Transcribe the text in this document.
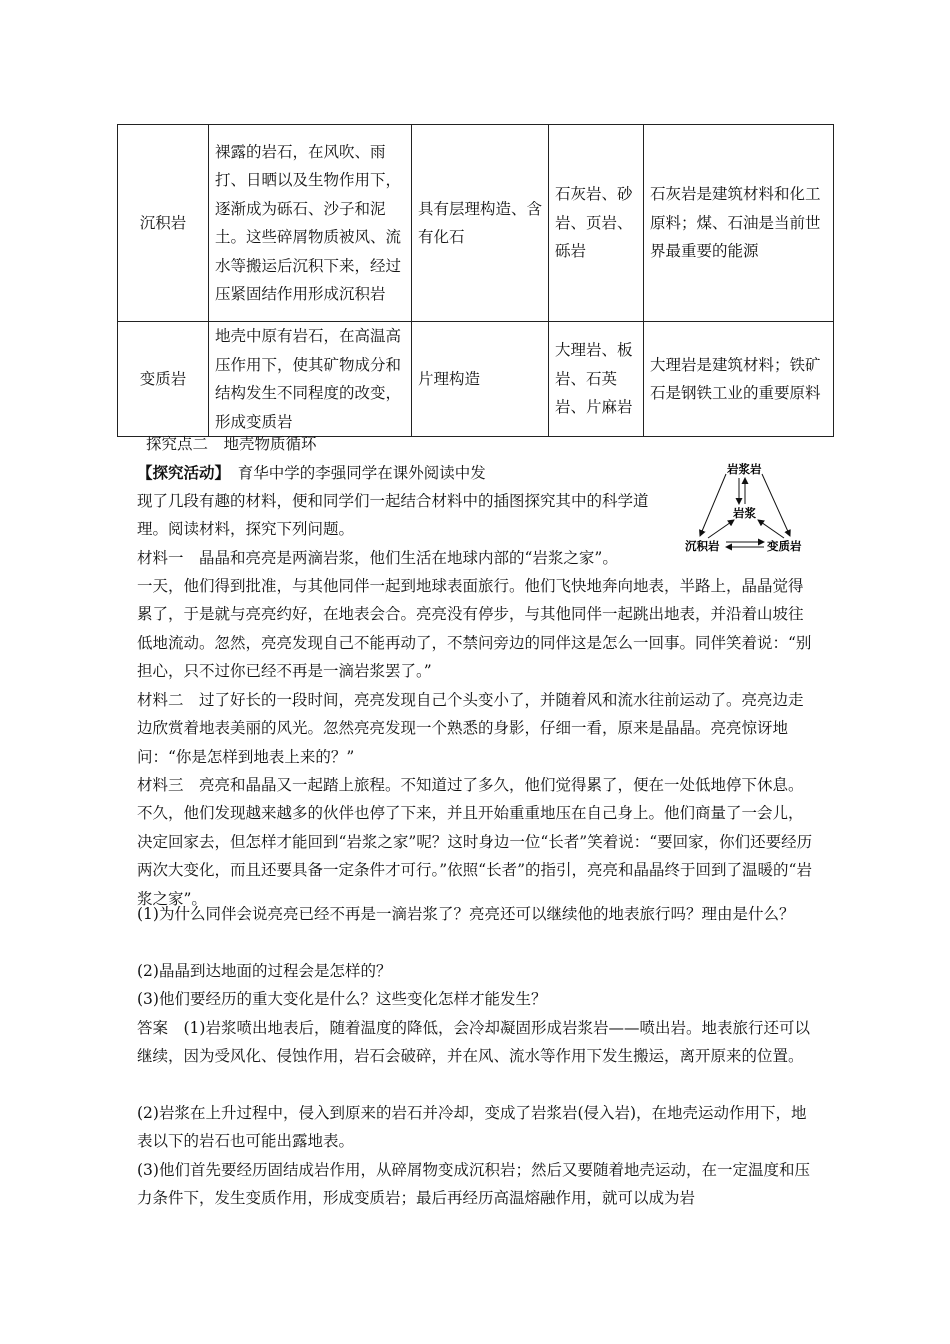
沉积岩	裸露的岩石，在风吹、雨打、日晒以及生物作用下，逐渐成为砾石、沙子和泥土。这些碎屑物质被风、流水等搬运后沉积下来，经过压紧固结作用形成沉积岩	具有层理构造、含有化石	石灰岩、砂岩、页岩、砾岩	石灰岩是建筑材料和化工原料；煤、石油是当前世界最重要的能源
变质岩	地壳中原有岩石，在高温高压作用下，使其矿物成分和结构发生不同程度的改变，形成变质岩	片理构造	大理岩、板岩、石英岩、片麻岩	大理岩是建筑材料；铁矿石是钢铁工业的重要原料

探究点二　地壳物质循环

【探究活动】　 育华中学的李强同学在课外阅读中发

现了几段有趣的材料，便和同学们一起结合材料中的插图探究其中的科学道理。阅读材料，探究下列问题。

岩浆岩
岩浆
沉积岩	变质岩

材料一　晶晶和亮亮是两滴岩浆，他们生活在地球内部的“岩浆之家”。

一天，他们得到批准，与其他同伴一起到地球表面旅行。他们飞快地奔向地表，半路上，晶晶觉得累了，于是就与亮亮约好，在地表会合。亮亮没有停步，与其他同伴一起跳出地表，并沿着山坡往低地流动。忽然，亮亮发现自己不能再动了，不禁问旁边的同伴这是怎么一回事。同伴笑着说：“别担心，只不过你已经不再是一滴岩浆罢了。”

材料二　过了好长的一段时间，亮亮发现自己个头变小了，并随着风和流水往前运动了。亮亮边走边欣赏着地表美丽的风光。忽然亮亮发现一个熟悉的身影，仔细一看，原来是晶晶。亮亮惊讶地问：“你是怎样到地表上来的？”

材料三　亮亮和晶晶又一起踏上旅程。不知道过了多久，他们觉得累了，便在一处低地停下休息。不久，他们发现越来越多的伙伴也停了下来，并且开始重重地压在自己身上。他们商量了一会儿，决定回家去，但怎样才能回到“岩浆之家”呢？这时身边一位“长者”笑着说：“要回家，你们还要经历两次大变化，而且还要具备一定条件才可行。”依照“长者”的指引，亮亮和晶晶终于回到了温暖的“岩浆之家”。

(1)为什么同伴会说亮亮已经不再是一滴岩浆了？亮亮还可以继续他的地表旅行吗？理由是什么？

(2)晶晶到达地面的过程会是怎样的？

(3)他们要经历的重大变化是什么？这些变化怎样才能发生？

答案　(1)岩浆喷出地表后，随着温度的降低，会冷却凝固形成岩浆岩——喷出岩。地表旅行还可以继续，因为受风化、侵蚀作用，岩石会破碎，并在风、流水等作用下发生搬运，离开原来的位置。

(2)岩浆在上升过程中，侵入到原来的岩石并冷却，变成了岩浆岩(侵入岩)，在地壳运动作用下，地表以下的岩石也可能出露地表。

(3)他们首先要经历固结成岩作用，从碎屑物变成沉积岩；然后又要随着地壳运动，在一定温度和压力条件下，发生变质作用，形成变质岩；最后再经历高温熔融作用，就可以成为岩
